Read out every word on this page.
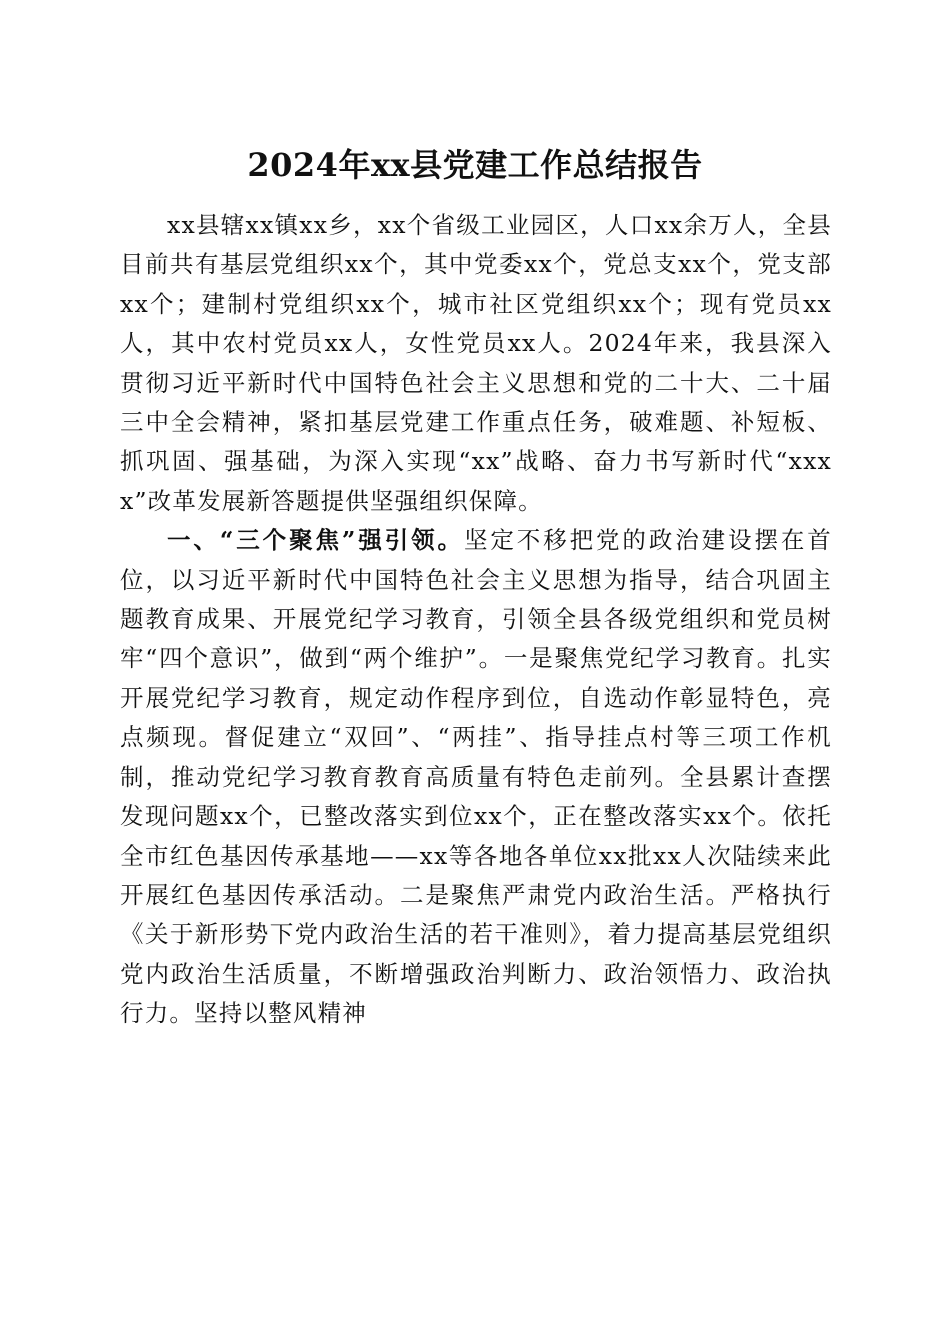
2024年xx县党建工作总结报告

xx县辖xx镇xx乡，xx个省级工业园区，人口xx余万人，全县目前共有基层党组织xx个，其中党委xx个，党总支xx个，党支部xx个；建制村党组织xx个，城市社区党组织xx个；现有党员xx人，其中农村党员xx人，女性党员xx人。2024年来，我县深入贯彻习近平新时代中国特色社会主义思想和党的二十大、二十届三中全会精神，紧扣基层党建工作重点任务，破难题、补短板、抓巩固、强基础，为深入实现“xx”战略、奋力书写新时代“xxxx”改革发展新答题提供坚强组织保障。

一、“三个聚焦”强引领。坚定不移把党的政治建设摆在首位，以习近平新时代中国特色社会主义思想为指导，结合巩固主题教育成果、开展党纪学习教育，引领全县各级党组织和党员树牢“四个意识”，做到“两个维护”。一是聚焦党纪学习教育。扎实开展党纪学习教育，规定动作程序到位，自选动作彰显特色，亮点频现。督促建立“双回”、“两挂”、指导挂点村等三项工作机制，推动党纪学习教育教育高质量有特色走前列。全县累计查摆发现问题xx个，已整改落实到位xx个，正在整改落实xx个。依托全市红色基因传承基地——xx等各地各单位xx批xx人次陆续来此开展红色基因传承活动。二是聚焦严肃党内政治生活。严格执行《关于新形势下党内政治生活的若干准则》，着力提高基层党组织党内政治生活质量，不断增强政治判断力、政治领悟力、政治执行力。坚持以整风精神
